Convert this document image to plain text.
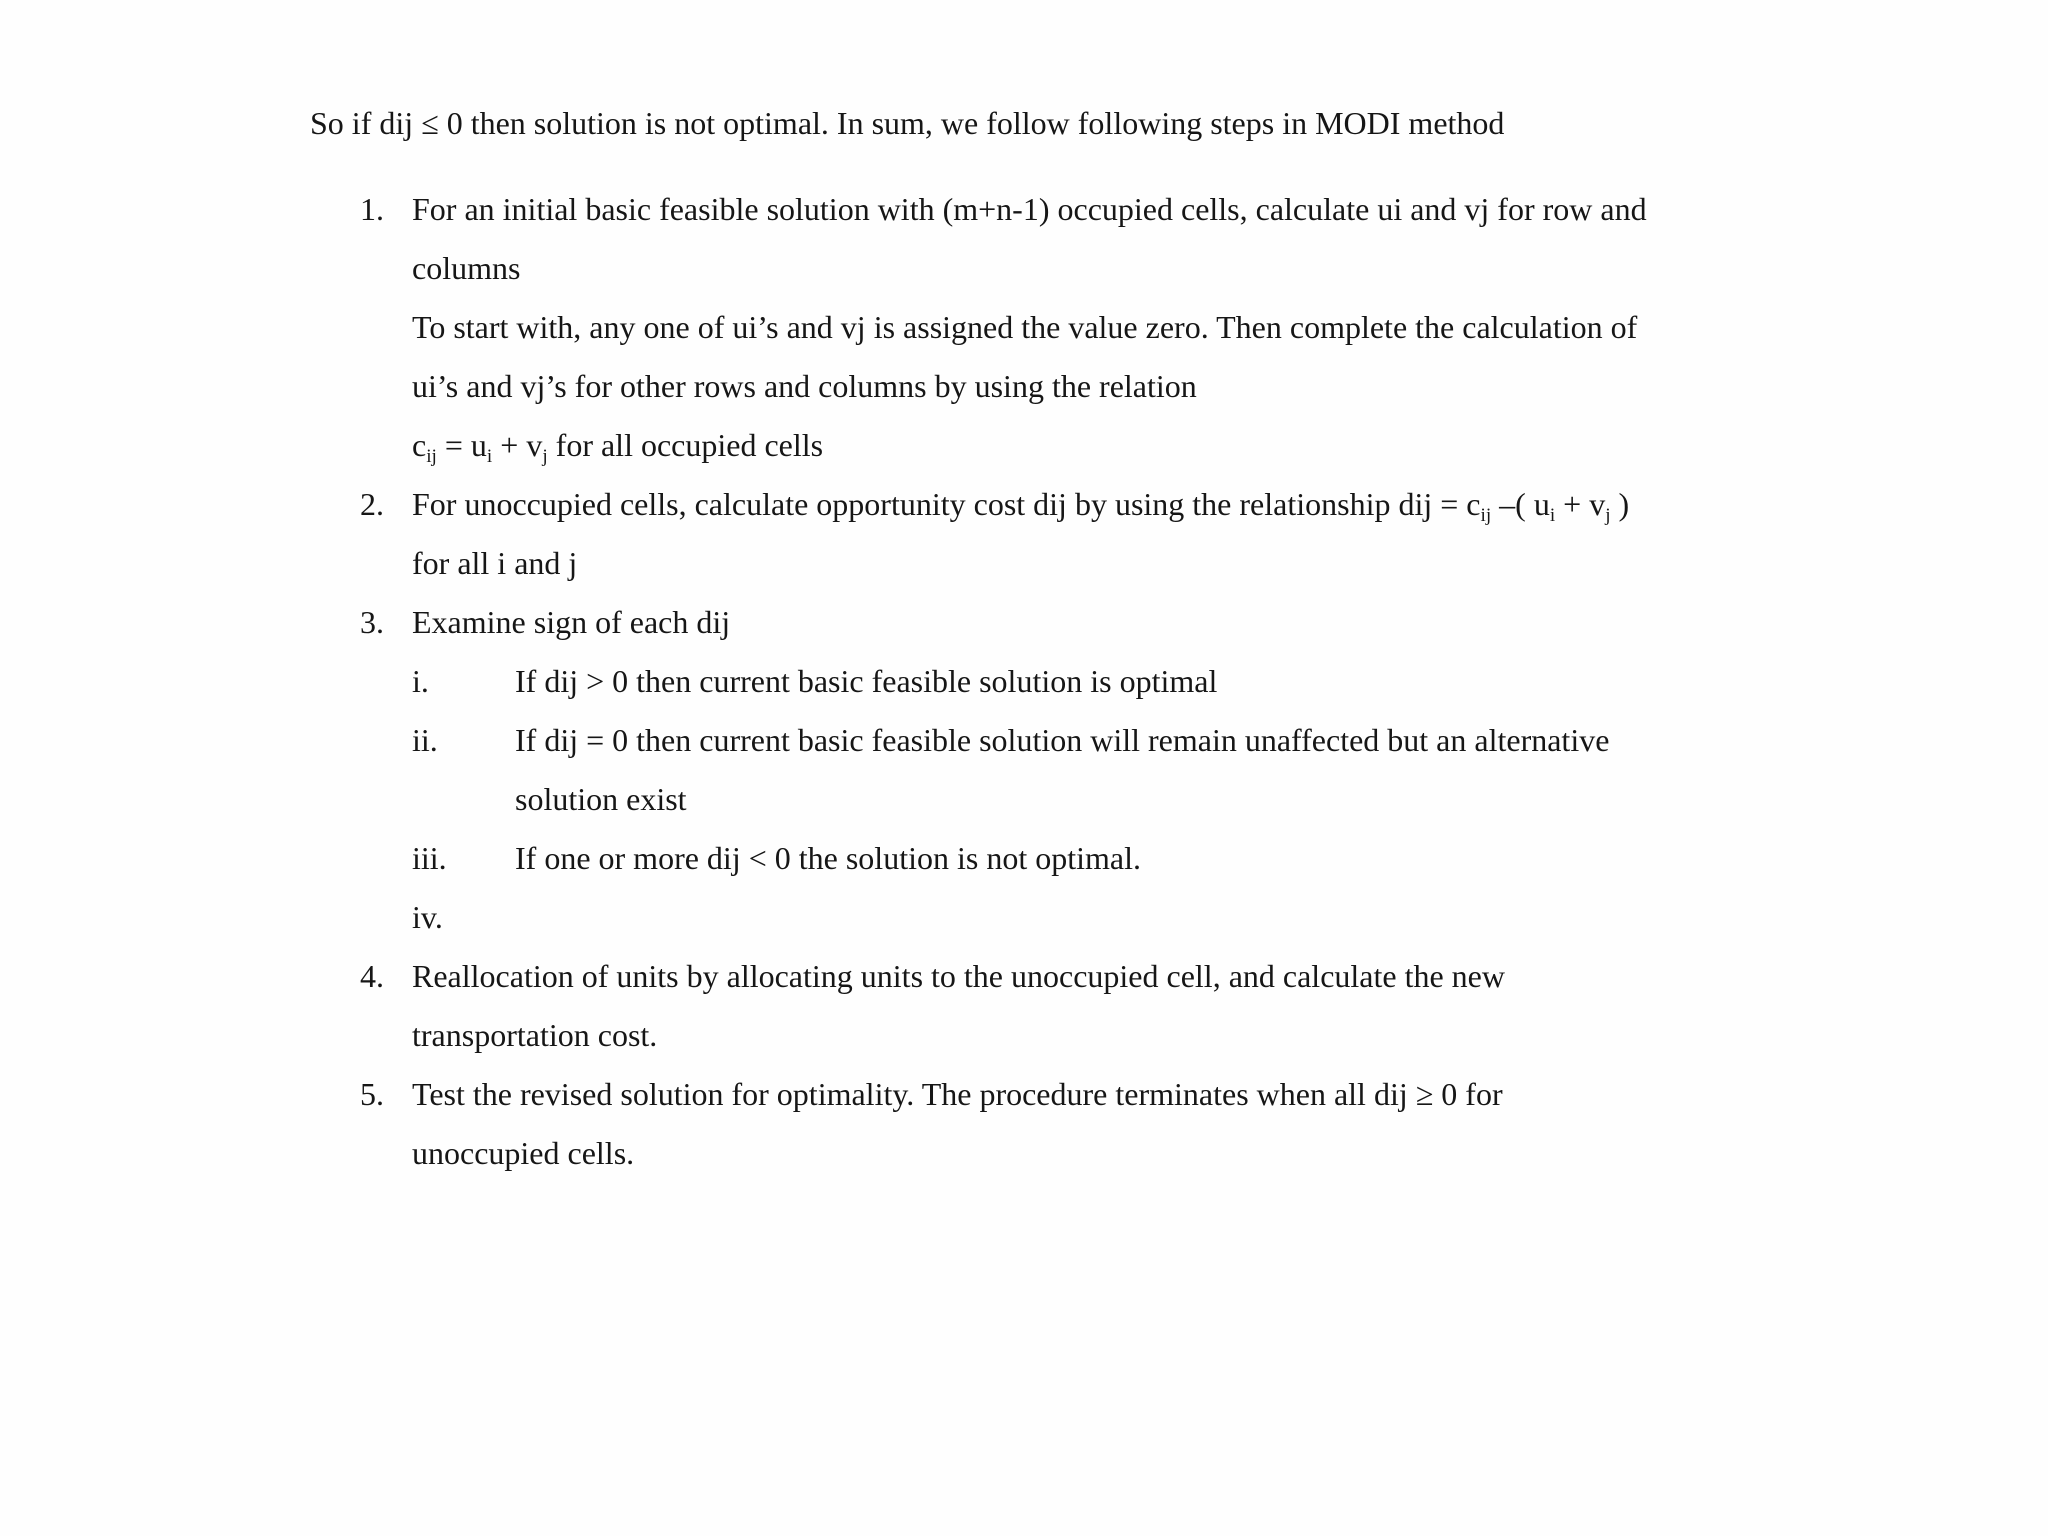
So if dij ≤ 0 then solution is not optimal. In sum, we follow following steps in MODI method
1. For an initial basic feasible solution with (m+n-1) occupied cells, calculate ui and vj for row and
columns
To start with, any one of ui’s and vj is assigned the value zero. Then complete the calculation of
ui’s and vj’s for other rows and columns by using the relation
$c_{ij} = u_i + v_j$ for all occupied cells
2. For unoccupied cells, calculate opportunity cost dij by using the relationship dij = $c_{ij}$ –( $u_i + v_j$ )
for all i and j
3. Examine sign of each dij
i.	If dij > 0 then current basic feasible solution is optimal
ii. If dij = 0 then current basic feasible solution will remain unaffected but an alternative
solution exist
iii. If one or more dij < 0 the solution is not optimal.
iv.
4. Reallocation of units by allocating units to the unoccupied cell, and calculate the new
transportation cost.
5. Test the revised solution for optimality. The procedure terminates when all dij ≥ 0 for
unoccupied cells.
